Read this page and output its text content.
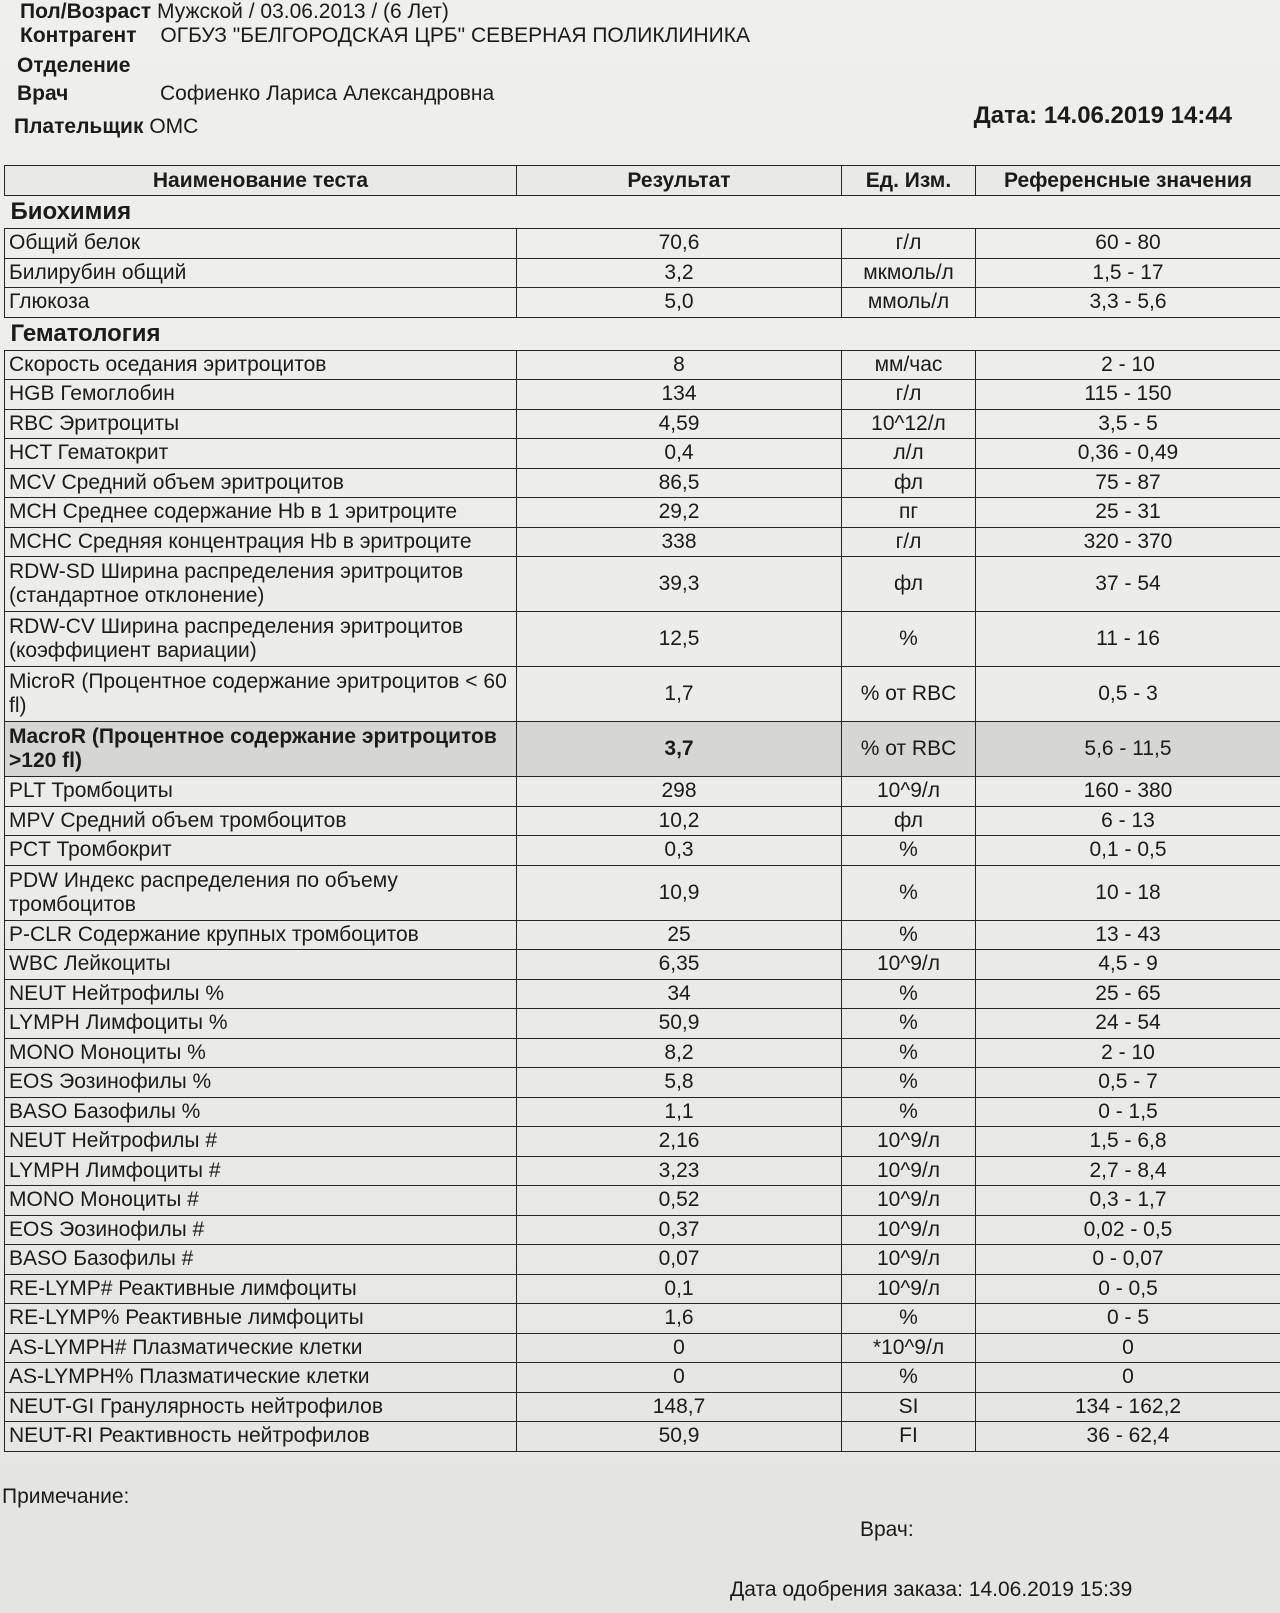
Пол/Возраст Мужской / 03.06.2013 / (6 Лет)
Контрагент ОГБУЗ "БЕЛГОРОДСКАЯ ЦРБ" СЕВЕРНАЯ ПОЛИКЛИНИКА
Отделение
Врач	Софиенко Лариса Александровна
Плательщик ОМС	Дата: 14.06.2019 14:44
Наименование теста	Результат	Ед. Изм.	Референсные значения
Биохимия			
Общий белок	70,6	г/л	60 - 80
Билирубин общий	3,2	мкмоль/л	1,5 - 17
Глюкоза	5,0	ммоль/л	3,3 - 5,6
Гематология			
Скорость оседания эритроцитов	8	мм/час	2 - 10
HGB Гемоглобин	134	г/л	115 - 150
RBC Эритроциты	4,59	10^12/л	3,5 - 5
HCT Гематокрит	0,4	л/л	0,36 - 0,49
MCV Средний объем эритроцитов	86,5	фл	75 - 87
MCH Среднее содержание Hb в 1 эритроците	29,2	пг	25 - 31
MCHC Средняя концентрация Hb в эритроците	338	г/л	320 - 370
RDW-SD Ширина распределения эритроцитов (стандартное отклонение)	39,3	фл	37 - 54
RDW-CV Ширина распределения эритроцитов (коэффициент вариации)	12,5	%	11 - 16
MicroR (Процентное содержание эритроцитов < 60 fl)	1,7	% от RBC	0,5 - 3
MacroR (Процентное содержание эритроцитов >120 fl)	3,7	% от RBC	5,6 - 11,5
PLT Тромбоциты	298	10^9/л	160 - 380
MPV Средний объем тромбоцитов	10,2	фл	6 - 13
PCT Тромбокрит	0,3	%	0,1 - 0,5
PDW Индекс распределения по объему тромбоцитов	10,9	%	10 - 18
P-CLR Содержание крупных тромбоцитов	25	%	13 - 43
WBC Лейкоциты	6,35	10^9/л	4,5 - 9
NEUT Нейтрофилы %	34	%	25 - 65
LYMPH Лимфоциты %	50,9	%	24 - 54
MONO Моноциты %	8,2	%	2 - 10
EOS Эозинофилы %	5,8	%	0,5 - 7
BASO Базофилы %	1,1	%	0 - 1,5
NEUT Нейтрофилы #	2,16	10^9/л	1,5 - 6,8
LYMPH Лимфоциты #	3,23	10^9/л	2,7 - 8,4
MONO Моноциты #	0,52	10^9/л	0,3 - 1,7
EOS Эозинофилы #	0,37	10^9/л	0,02 - 0,5
BASO Базофилы #	0,07	10^9/л	0 - 0,07
RE-LYMP# Реактивные лимфоциты	0,1	10^9/л	0 - 0,5
RE-LYMP% Реактивные лимфоциты	1,6	%	0 - 5
AS-LYMPH# Плазматические клетки	0	*10^9/л	0
AS-LYMPH% Плазматические клетки	0	%	0
NEUT-GI Гранулярность нейтрофилов	148,7	SI	134 - 162,2
NEUT-RI Реактивность нейтрофилов	50,9	FI	36 - 62,4
Примечание:
Врач:
Дата одобрения заказа: 14.06.2019 15:39
